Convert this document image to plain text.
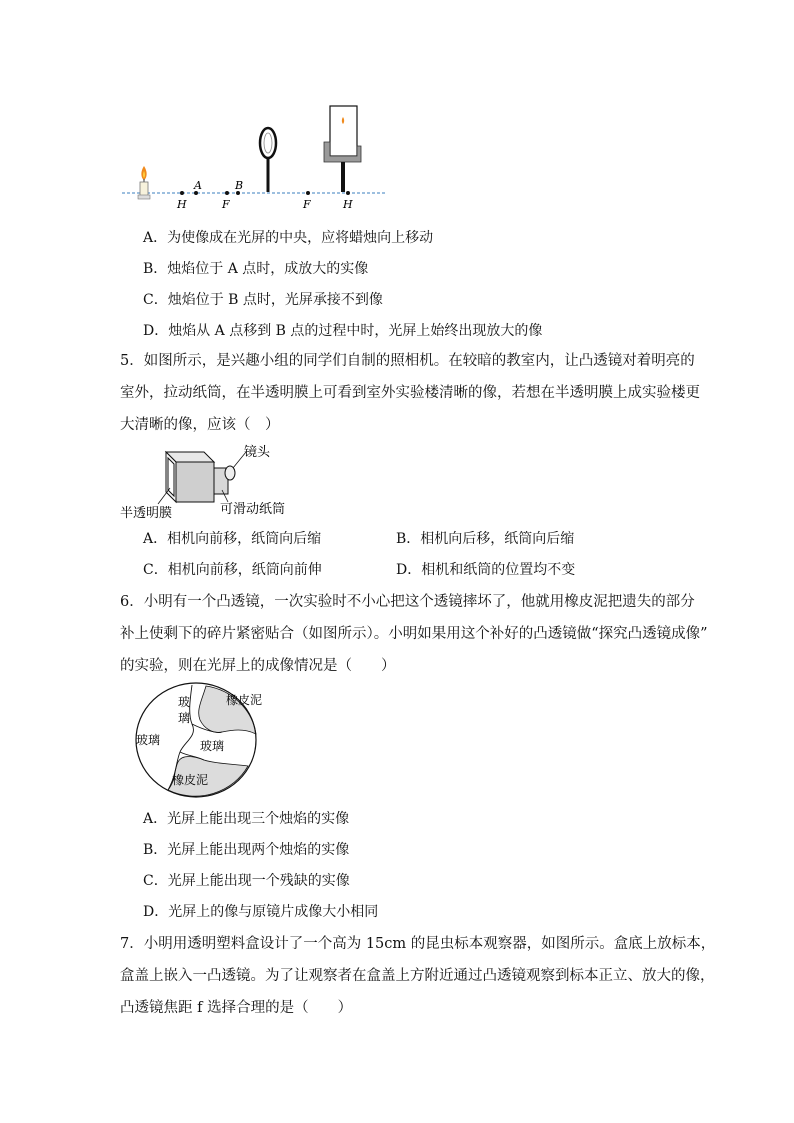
A	B
H	F	F	H
A．为使像成在光屏的中央，应将蜡烛向上移动
B．烛焰位于 A 点时，成放大的实像
C．烛焰位于 B 点时，光屏承接不到像
D．烛焰从 A 点移到 B 点的过程中时，光屏上始终出现放大的像
5．如图所示，是兴趣小组的同学们自制的照相机。在较暗的教室内，让凸透镜对着明亮的
室外，拉动纸筒，在半透明膜上可看到室外实验楼清晰的像，若想在半透明膜上成实验楼更
大清晰的像，应该（　）
镜头
半透明膜	可滑动纸筒
A．相机向前移，纸筒向后缩	B．相机向后移，纸筒向后缩
C．相机向前移，纸筒向前伸	D．相机和纸筒的位置均不变
6．小明有一个凸透镜，一次实验时不小心把这个透镜摔坏了，他就用橡皮泥把遗失的部分
补上使剩下的碎片紧密贴合（如图所示）。小明如果用这个补好的凸透镜做“探究凸透镜成像”
的实验，则在光屏上的成像情况是（　　）
玻
璃
橡皮泥
玻璃	玻璃
橡皮泥
A．光屏上能出现三个烛焰的实像
B．光屏上能出现两个烛焰的实像
C．光屏上能出现一个残缺的实像
D．光屏上的像与原镜片成像大小相同
7．小明用透明塑料盒设计了一个高为 15cm 的昆虫标本观察器，如图所示。盒底上放标本，
盒盖上嵌入一凸透镜。为了让观察者在盒盖上方附近通过凸透镜观察到标本正立、放大的像，
凸透镜焦距 f 选择合理的是（　　）
